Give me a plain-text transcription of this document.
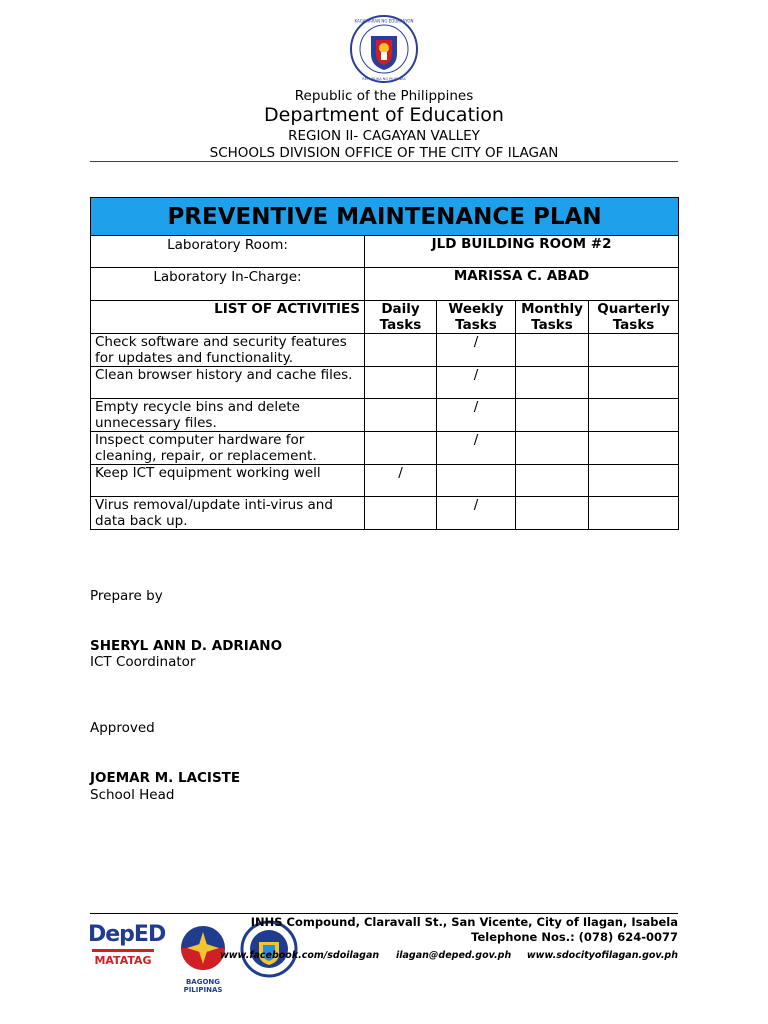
KAGAWARAN NG EDUKASYON
REPUBLIKA NG PILIPINAS
Republic of the Philippines
Department of Education
REGION II- CAGAYAN VALLEY
SCHOOLS DIVISION OFFICE OF THE CITY OF ILAGAN
PREVENTIVE MAINTENANCE PLAN				
Laboratory Room:	JLD BUILDING ROOM #2			
Laboratory In-Charge:	MARISSA C. ABAD			
LIST OF ACTIVITIES	Daily Tasks	Weekly Tasks	Monthly Tasks	Quarterly Tasks
Check software and security features for updates and functionality.		/		
Clean browser history and cache files.		/		
Empty recycle bins and delete unnecessary files.		/		
Inspect computer hardware for cleaning, repair, or replacement.		/		
Keep ICT equipment working well	/			
Virus removal/update inti-virus and data back up.		/		
Prepare by
SHERYL ANN D. ADRIANO
ICT Coordinator
Approved
JOEMAR M. LACISTE
School Head
DepED
MATATAG
BAGONG PILIPINAS
INHS Compound, Claravall St., San Vicente, City of Ilagan, Isabela
Telephone Nos.: (078) 624-0077
www.facebook.com/sdoilagan ilagan@deped.gov.ph www.sdocityofilagan.gov.ph
